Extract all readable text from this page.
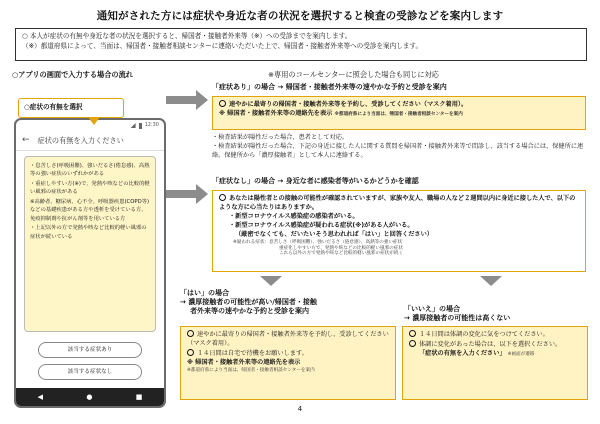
通知がされた方には症状や身近な者の状況を選択すると検査の受診などを案内します
○ 本人が症状の有無や身近な者の状況を選択すると、帰国者・接触者外来等（※）への受診までを案内します。
（※）都道府県によって、当面は、帰国者・接触者相談センターに連絡いただいた上で、帰国者・接触者外来等への受診を案内します。
○アプリの画面で入力する場合の流れ	※専用のコールセンターに照会した場合も同じに対応
○症状の有無を選択
12:30
← 症状の有無を入力ください
・息苦しさ(呼吸困難)、強いだるさ(倦怠感)、高熱等の強い症状のいずれかがある
・重症しやすい方(※)で、発熱や咳などの比較的軽い風邪の症状がある
※高齢者、糖尿病、心不全、呼吸器疾患(COPD等)などの基礎疾患がある方や透析を受けている方、免疫抑制剤や抗がん剤等を用いている方
・上記以外の方で発熱や咳など比較的軽い風邪の症状が続いている
該当する症状あり
該当する症状なし
◀	●	■
「症状あり」の場合 → 帰国者・接触者外来等の速やかな予約と受診を案内
速やかに最寄りの帰国者・接触者外来等を予約し、受診してください（マスク着用）。
※ 帰国者・接触者外来等の連絡先を表示 ※都道府県により当面は、帰国者・接触者相談センターを案内
・検査結果が陽性だった場合、患者として対応。
・検査結果が陽性だった場合、下記の身近に接した人に関する質問を帰国者・接触者外来等で問診し、該当する場合には、保健所に連絡。保健所から「濃厚接触者」として本人に連絡する。
「症状なし」の場合 → 身近な者に感染者等がいるかどうかを確認
あなたは陽性者との接触の可能性が確認されていますが、家族や友人、職場の人など２週間以内に身近に接した人で、以下のような方に心当たりはありますか。
・新型コロナウイルス感染症の感染者がいる。
・新型コロナウイルス感染症が疑われる症状(※)がある人がいる。
（厳密でなくても、だいたいそう思われれば「はい」と回答ください）
※疑われる症状：息苦しさ（呼吸困難）、強いだるさ（倦怠感）、高熱等の強い症状
重症化しやすい方で、発熱や咳などの比較的軽い風邪の症状
これら以外の方で発熱や咳など比較的軽い風邪の症状が続く
「はい」の場合
→ 濃厚接触者の可能性が高い/帰国者・接触
者外来等の速やかな予約と受診を案内
速やかに最寄りの帰国者・接触者外来等を予約し、受診してください（マスク着用）。
１４日間は自宅で待機をお願いします。
※ 帰国者・接触者外来等の連絡先を表示
※都道府県により当面は、帰国者・接触者相談センターを案内
「いいえ」の場合
→ 濃厚接触者の可能性は高くない
１４日間は体調の変化に気をつけてください。
体調に変化があった場合は、以下を選択ください。
「症状の有無を入力ください」 ※画面が遷移
4
